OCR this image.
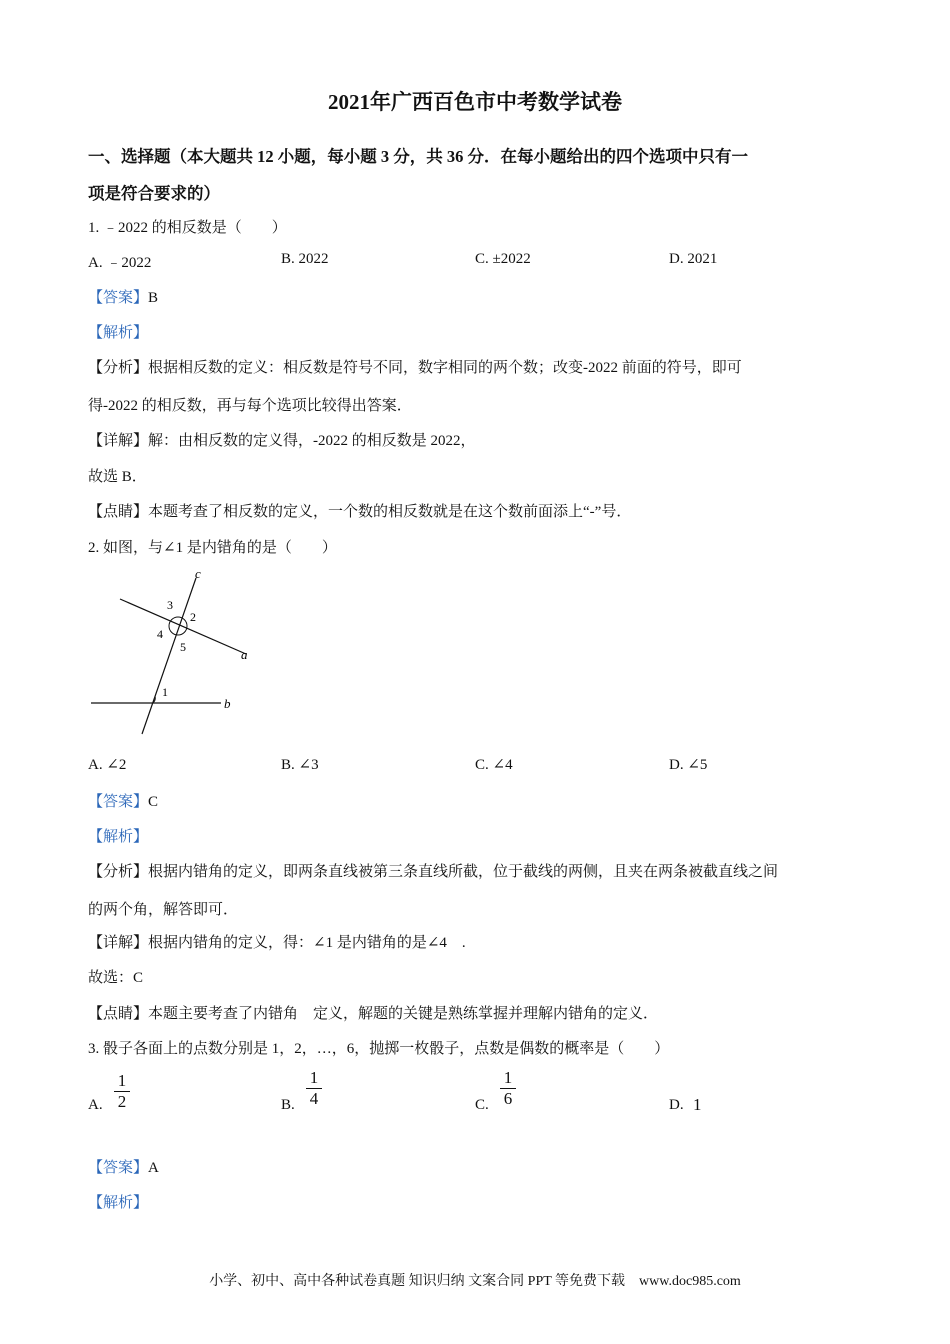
2021年广西百色市中考数学试卷
一、选择题（本大题共 12 小题，每小题 3 分，共 36 分．在每小题给出的四个选项中只有一
项是符合要求的）
1. ﹣2022 的相反数是（　　）
A. ﹣2022	B. 2022	C. ±2022	D. 2021
【答案】B
【解析】
【分析】根据相反数的定义：相反数是符号不同，数字相同的两个数；改变-2022 前面的符号，即可
得-2022 的相反数，再与每个选项比较得出答案．
【详解】解：由相反数的定义得，-2022 的相反数是 2022，
故选 B．
【点睛】本题考查了相反数的定义，一个数的相反数就是在这个数前面添上“-”号．
2. 如图，与∠1 是内错角的是（　　）
c
a
b
3
2
4
5
1
A. ∠2	B. ∠3	C. ∠4	D. ∠5
【答案】C
【解析】
【分析】根据内错角的定义，即两条直线被第三条直线所截，位于截线的两侧，且夹在两条被截直线之间
的两个角，解答即可．
【详解】根据内错角的定义，得：∠1 是内错角的是∠4　.
故选：C
【点睛】本题主要考查了内错角　定义，解题的关键是熟练掌握并理解内错角的定义．
3. 骰子各面上的点数分别是 1，2，…，6，抛掷一枚骰子，点数是偶数的概率是（　　）
A.
1
2	B.
1
4	C.
1
6	D. 1
【答案】A
【解析】
小学、初中、高中各种试卷真题 知识归纳 文案合同 PPT 等免费下载　www.doc985.com
